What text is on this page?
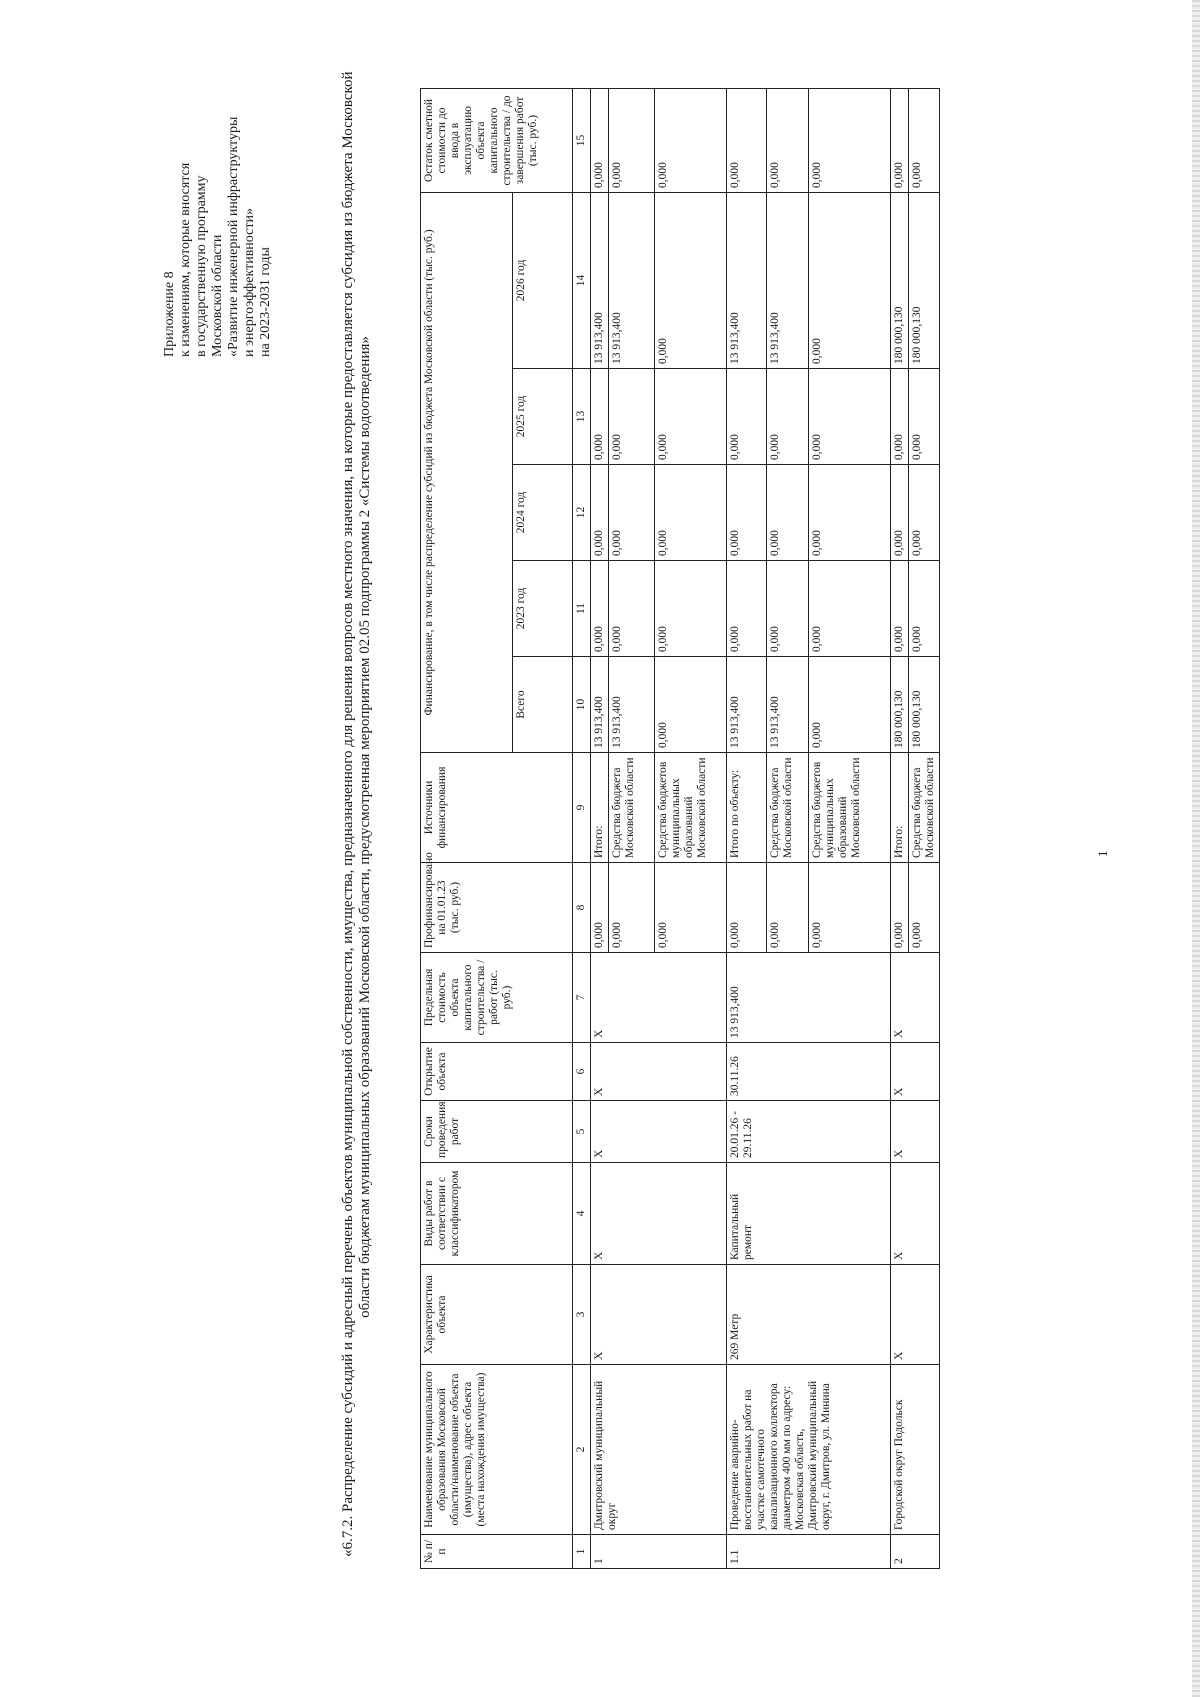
Приложение 8 к изменениям, которые вносятся в государственную программу Московской области «Развитие инженерной инфраструктуры и энергоэффективности» на 2023-2031 годы	«6.7.2. Распределение субсидий и адресный перечень объектов муниципальной собственности, имущества, предназначенного для решения вопросов местного значения, на которые предоставляется субсидия из бюджета Московской области бюджетам муниципальных образований Московской области, предусмотренная мероприятием 02.05 подпрограммы 2 «Системы водоотведения»
№ п/п	Наименование муниципального образования Московской области/наименование объекта (имущества), адрес объекта (места нахождения имущества)	Характеристика объекта	Виды работ в соответствии с классификатором	Сроки проведения работ	Открытие объекта	Предельная стоимость объекта капитального строительства / работ (тыс. руб.)	Профинансировано на 01.01.23 (тыс. руб.)	Источники финансирования	Финансирование, в том числе распределение субсидий из бюджета Московской области (тыс. руб.)					Остаток сметной стоимости до ввода в эксплуатацию объекта капитального строительства / до завершения работ (тыс. руб.)
									Всего	2023 год	2024 год	2025 год	2026 год	
1	2	3	4	5	6	7	8	9	10	11	12	13	14	15
1	Дмитровский муниципальный округ	Х	Х	Х	Х	Х	0,000	Итого:	13 913,400	0,000	0,000	0,000	13 913,400	0,000
							0,000	Средства бюджета Московской области	13 913,400	0,000	0,000	0,000	13 913,400	0,000
							0,000	Средства бюджетов муниципальных образований Московской области	0,000	0,000	0,000	0,000	0,000	0,000
1.1	Проведение аварийно-восстановительных работ на участке самотечного канализационного коллектора диаметром 400 мм по адресу: Московская область, Дмитровский муниципальный округ, г. Дмитров, ул. Минина	269 Метр	Капитальный ремонт	20.01.26 - 29.11.26	30.11.26	13 913,400	0,000	Итого по объекту:	13 913,400	0,000	0,000	0,000	13 913,400	0,000
							0,000	Средства бюджета Московской области	13 913,400	0,000	0,000	0,000	13 913,400	0,000
							0,000	Средства бюджетов муниципальных образований Московской области	0,000	0,000	0,000	0,000	0,000	0,000
2	Городской округ Подольск	Х	Х	Х	Х	Х	0,000	Итого:	180 000,130	0,000	0,000	0,000	180 000,130	0,000
							0,000	Средства бюджета Московской области	180 000,130	0,000	0,000	0,000	180 000,130	0,000
1
